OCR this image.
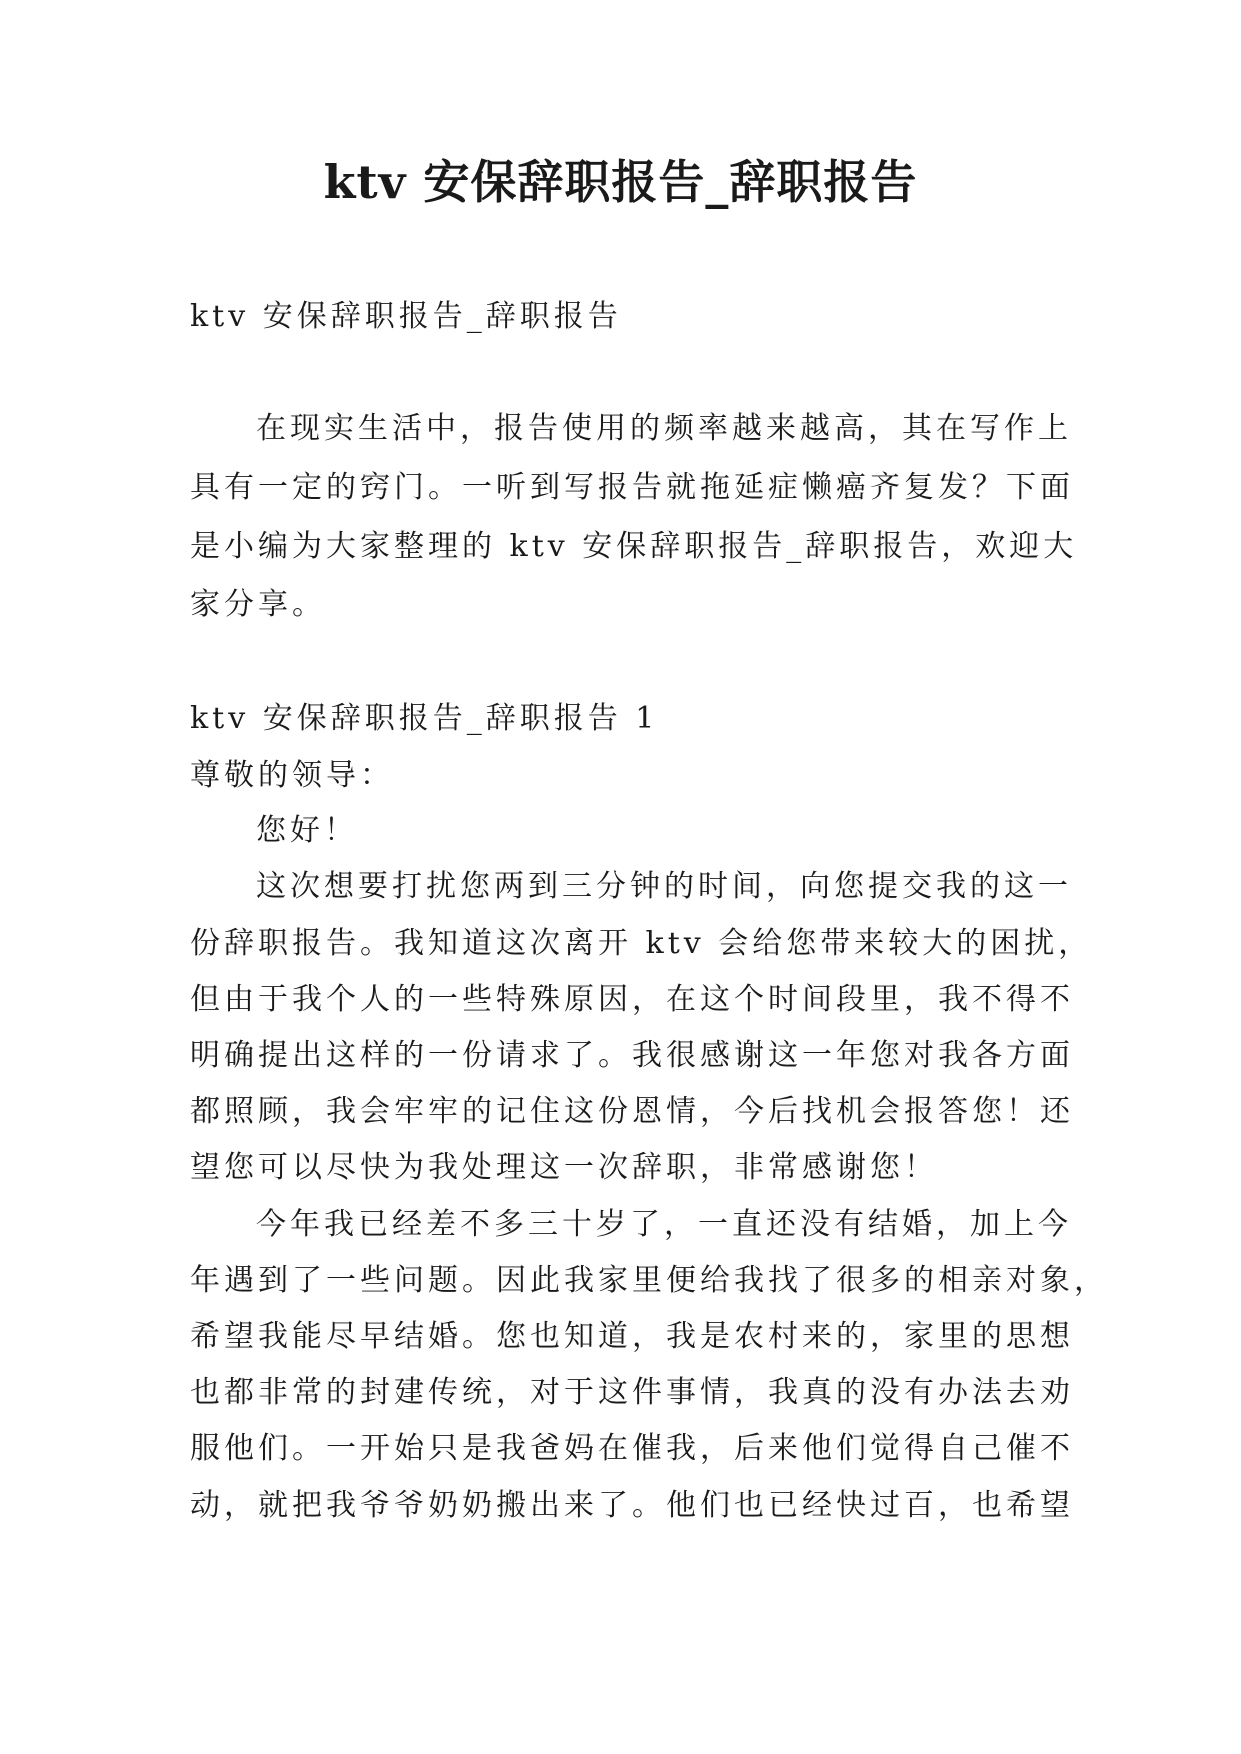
ktv 安保辞职报告_辞职报告

ktv 安保辞职报告_辞职报告

在现实生活中，报告使用的频率越来越高，其在写作上

具有一定的窍门。一听到写报告就拖延症懒癌齐复发？下面

是小编为大家整理的 ktv 安保辞职报告_辞职报告，欢迎大

家分享。

ktv 安保辞职报告_辞职报告 1

尊敬的领导：

您好！

这次想要打扰您两到三分钟的时间，向您提交我的这一

份辞职报告。我知道这次离开 ktv 会给您带来较大的困扰，

但由于我个人的一些特殊原因，在这个时间段里，我不得不

明确提出这样的一份请求了。我很感谢这一年您对我各方面

都照顾，我会牢牢的记住这份恩情，今后找机会报答您！还

望您可以尽快为我处理这一次辞职，非常感谢您！

今年我已经差不多三十岁了，一直还没有结婚，加上今

年遇到了一些问题。因此我家里便给我找了很多的相亲对象，

希望我能尽早结婚。您也知道，我是农村来的，家里的思想

也都非常的封建传统，对于这件事情，我真的没有办法去劝

服他们。一开始只是我爸妈在催我，后来他们觉得自己催不

动，就把我爷爷奶奶搬出来了。他们也已经快过百，也希望
